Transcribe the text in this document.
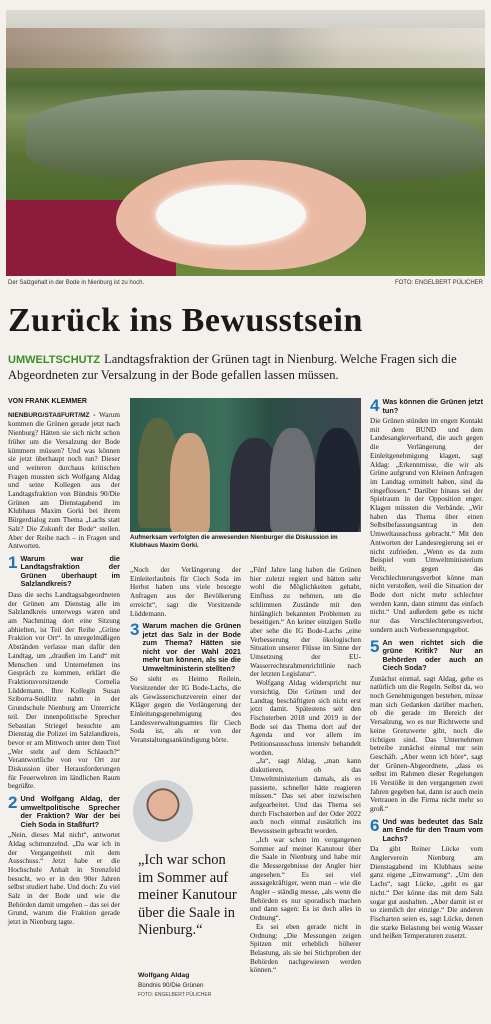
Der Salzgehalt in der Bode in Nienburg ist zu hoch.	FOTO: ENGELBERT PÜLICHER
Zurück ins Bewusstsein
UMWELTSCHUTZ Landtagsfraktion der Grünen tagt in Nienburg. Welche Fragen sich die Abgeordneten zur Versalzung in der Bode gefallen lassen müssen.
VON FRANK KLEMMER

NIENBURG/STAßFURT/MZ - Warum kommen die Grünen gerade jetzt nach Nienburg? Hätten sie sich nicht schon früher um die Versalzung der Bode kümmern müssen? Und was können sie jetzt überhaupt noch tun? Dieser und weiteren durchaus kritischen Fragen mussten sich Wolfgang Aldag und seine Kollegen aus der Landtagsfraktion von Bündnis 90/Die Grünen am Dienstagabend im Klubhaus Maxim Gorki bei ihrem Bürgerdialog zum Thema „Lachs statt Salz? Die Zukunft der Bode“ stellen. Aber der Reihe nach – in Fragen und Antworten.

1 Warum war die Landtagsfraktion der Grünen überhaupt im Salzlandkreis?

Dass die sechs Landtagsabgeordneten der Grünen am Dienstag alle im Salzlandkreis unterwegs waren und am Nachmittag dort eine Sitzung abhielten, ist Teil der Reihe „Grüne Fraktion vor Ort“. In unregelmäßigen Abständen verlasse man dafür den Landtag, um „draußen im Land“ mit Menschen und Unternehmen ins Gespräch zu kommen, erklärt die Fraktionsvorsitzende Cornelia Lüddemann. Ihre Kollegin Susan Sziborra-Seidlitz nahm in der Grundschule Nienburg am Unterricht teil. Der innenpolitische Sprecher Sebastian Striegel besuchte am Dienstag die Polizei im Salzlandkreis, bevor er am Mittwoch unter dem Titel „Wer steht auf dem Schlauch?“ Verantwortliche von vor Ort zur Diskussion über Herausforderungen für Feuerwehren im ländlichen Raum begrüßte.

2 Und Wolfgang Aldag, der umweltpolitische Sprecher der Fraktion? War der bei Cieh Soda in Staßfurt?

„Nein, dieses Mal nicht“, antwortet Aldag schmunzelnd. „Da war ich in der Vergangenheit mit dem Ausschuss.“ Jetzt habe er die Hochschule Anhalt in Strenzfeld besucht, wo er in den 90er Jahren selbst studiert habe. Und doch: Zu viel Salz in der Bode und wie die Behörden damit umgehen – das sei der Grund, warum die Fraktion gerade jetzt in Nienburg tagte.

Aufmerksam verfolgten die anwesenden Nienburger die Diskussion im Klubhaus Maxim Gorki.

„Noch der Verlängerung der Einleiterlaubnis für Ciech Soda im Herbst haben uns viele besorgte Anfragen aus der Bevölkerung erreicht“, sagt die Vorsitzende Lüddemann.

3 Warum machen die Grünen jetzt das Salz in der Bode zum Thema? Hätten sie nicht vor der Wahl 2021 mehr tun können, als sie die Umweltministerin stellten?

So sieht es Heimo Reilein, Vorsitzender der IG Bode-Lachs, die als Gewässerschutzverein einer der Kläger gegen die Verlängerung der Einleitungsgenehmigung des Landesverwaltungsamtes für Ciech Soda ist, als er von der Veranstaltungsankündigung hörte.

„Ich war schon im Sommer auf meiner Kanutour über die Saale in Nienburg.“
Wolfgang Aldag
Bündnis 90/Die Grünen
FOTO: ENGELBERT PÜLICHER

„Fünf Jahre lang haben die Grünen hier zuletzt regiert und hätten sehr wohl die Möglichkeiten gehabt, Einfluss zu nehmen, um die schlimmen Zustände mit den hinlänglich bekannten Problemen zu beseitigen.“ An keiner einzigen Stelle aber sehe die IG Bode-Lachs „eine Verbesserung der ökologischen Situation unserer Flüsse im Sinne der Umsetzung der EU-Wasserrechtsrahmenrichtlinie nach der letzten Legislatur“.

Wolfgang Aldag widerspricht nur vorsichtig. Die Grünen und der Landtag beschäftigten sich nicht erst jetzt damit. Spätestens seit den Fischsterben 2018 und 2019 in der Bode sei das Thema dort auf der Agenda und vor allem im Petitionsausschuss intensiv behandelt worden.

„Ja“, sagt Aldag, „man kann diskutieren, ob das Umweltministerium damals, als es passierte, schneller hätte reagieren müssen.“ Das sei aber inzwischen aufgearbeitet. Und das Thema sei durch Fischsterben auf der Oder 2022 auch noch einmal zusätzlich ins Bewusstsein gebracht worden.

„Ich war schon im vergangenen Sommer auf meiner Kanutour über die Saale in Nienburg und habe mir die Messergebnisse der Angler hier angesehen.“ Es sei viel aussagekräftiger, wenn man – wie die Angler – ständig messe, „als wenn die Behörden es nur sporadisch machen und dann sagen: Es ist doch alles in Ordnung“.

Es sei eben gerade nicht in Ordnung: „Die Messungen zeigen Spitzen mit erheblich höherer Belastung, als sie bei Stichproben der Behörden nachgewiesen werden können.“

4 Was können die Grünen jetzt tun?

Die Grünen stünden im engen Kontakt mit dem BUND und dem Landesanglerverband, die auch gegen die Verlängerung der Einleitgenehmigung klagen, sagt Aldag: „Erkenntnisse, die wir als Grüne aufgrund von Kleinen Anfragen im Landtag ermittelt haben, sind da eingeflossen.“ Darüber hinaus sei der Spielraum in der Opposition enger. Klagen müssten die Verbände. „Wir haben das Thema über einen Selbstbefassungsantrag in den Umweltausschuss gebracht.“ Mit den Antworten der Landesregierung sei er nicht zufrieden. „Wenn es da zum Beispiel vom Umweltministerium heißt, gegen das Verschlechterungsverbot könne man nicht verstoßen, weil die Situation der Bode dort nicht mehr schlechter werden kann, dann stimmt das einfach nicht.“ Und außerdem gebe es nicht nur das Verschlechterungsverbot, sondern auch Verbesserungsgebot.

5 An wen richtet sich die grüne Kritik? Nur an Behörden oder auch an Ciech Soda?

Zunächst einmal, sagt Aldag, gehe es natürlich um die Regeln. Selbst da, wo noch Genehmigungen bestehen, müsse man sich Gedanken darüber machen, ob die gerade im Bereich der Versalzung, wo es nur Richtwerte und keine Grenzwerte gibt, noch die richtigen sind. Das Unternehmen betreibe zunächst einmal nur sein Geschäft. „Aber wenn ich höre“, sagt der Grünen-Abgeordnete, „dass es selbst im Rahmen dieser Regelungen 16 Verstöße in den vergangenen zwei Jahren gegeben hat, dann ist auch mein Vertrauen in die Firma nicht mehr so groß.“

6 Und was bedeutet das Salz am Ende für den Traum vom Lachs?

Da gibt Reiner Lücke vom Anglerverein Nienburg am Dienstagabend im Klubhaus seine ganz eigene „Einwarnung“. „Um den Lachs“, sagt Lücke, „geht es gar nicht.“ Der könne das mit dem Salz sogar gut aushalten. „Aber damit ist er so ziemlich der einzige.“ Die anderen Fischarten seien es, sagt Lücke, denen die starke Belastung bei wenig Wasser und heißen Temperaturen zusetzt.
